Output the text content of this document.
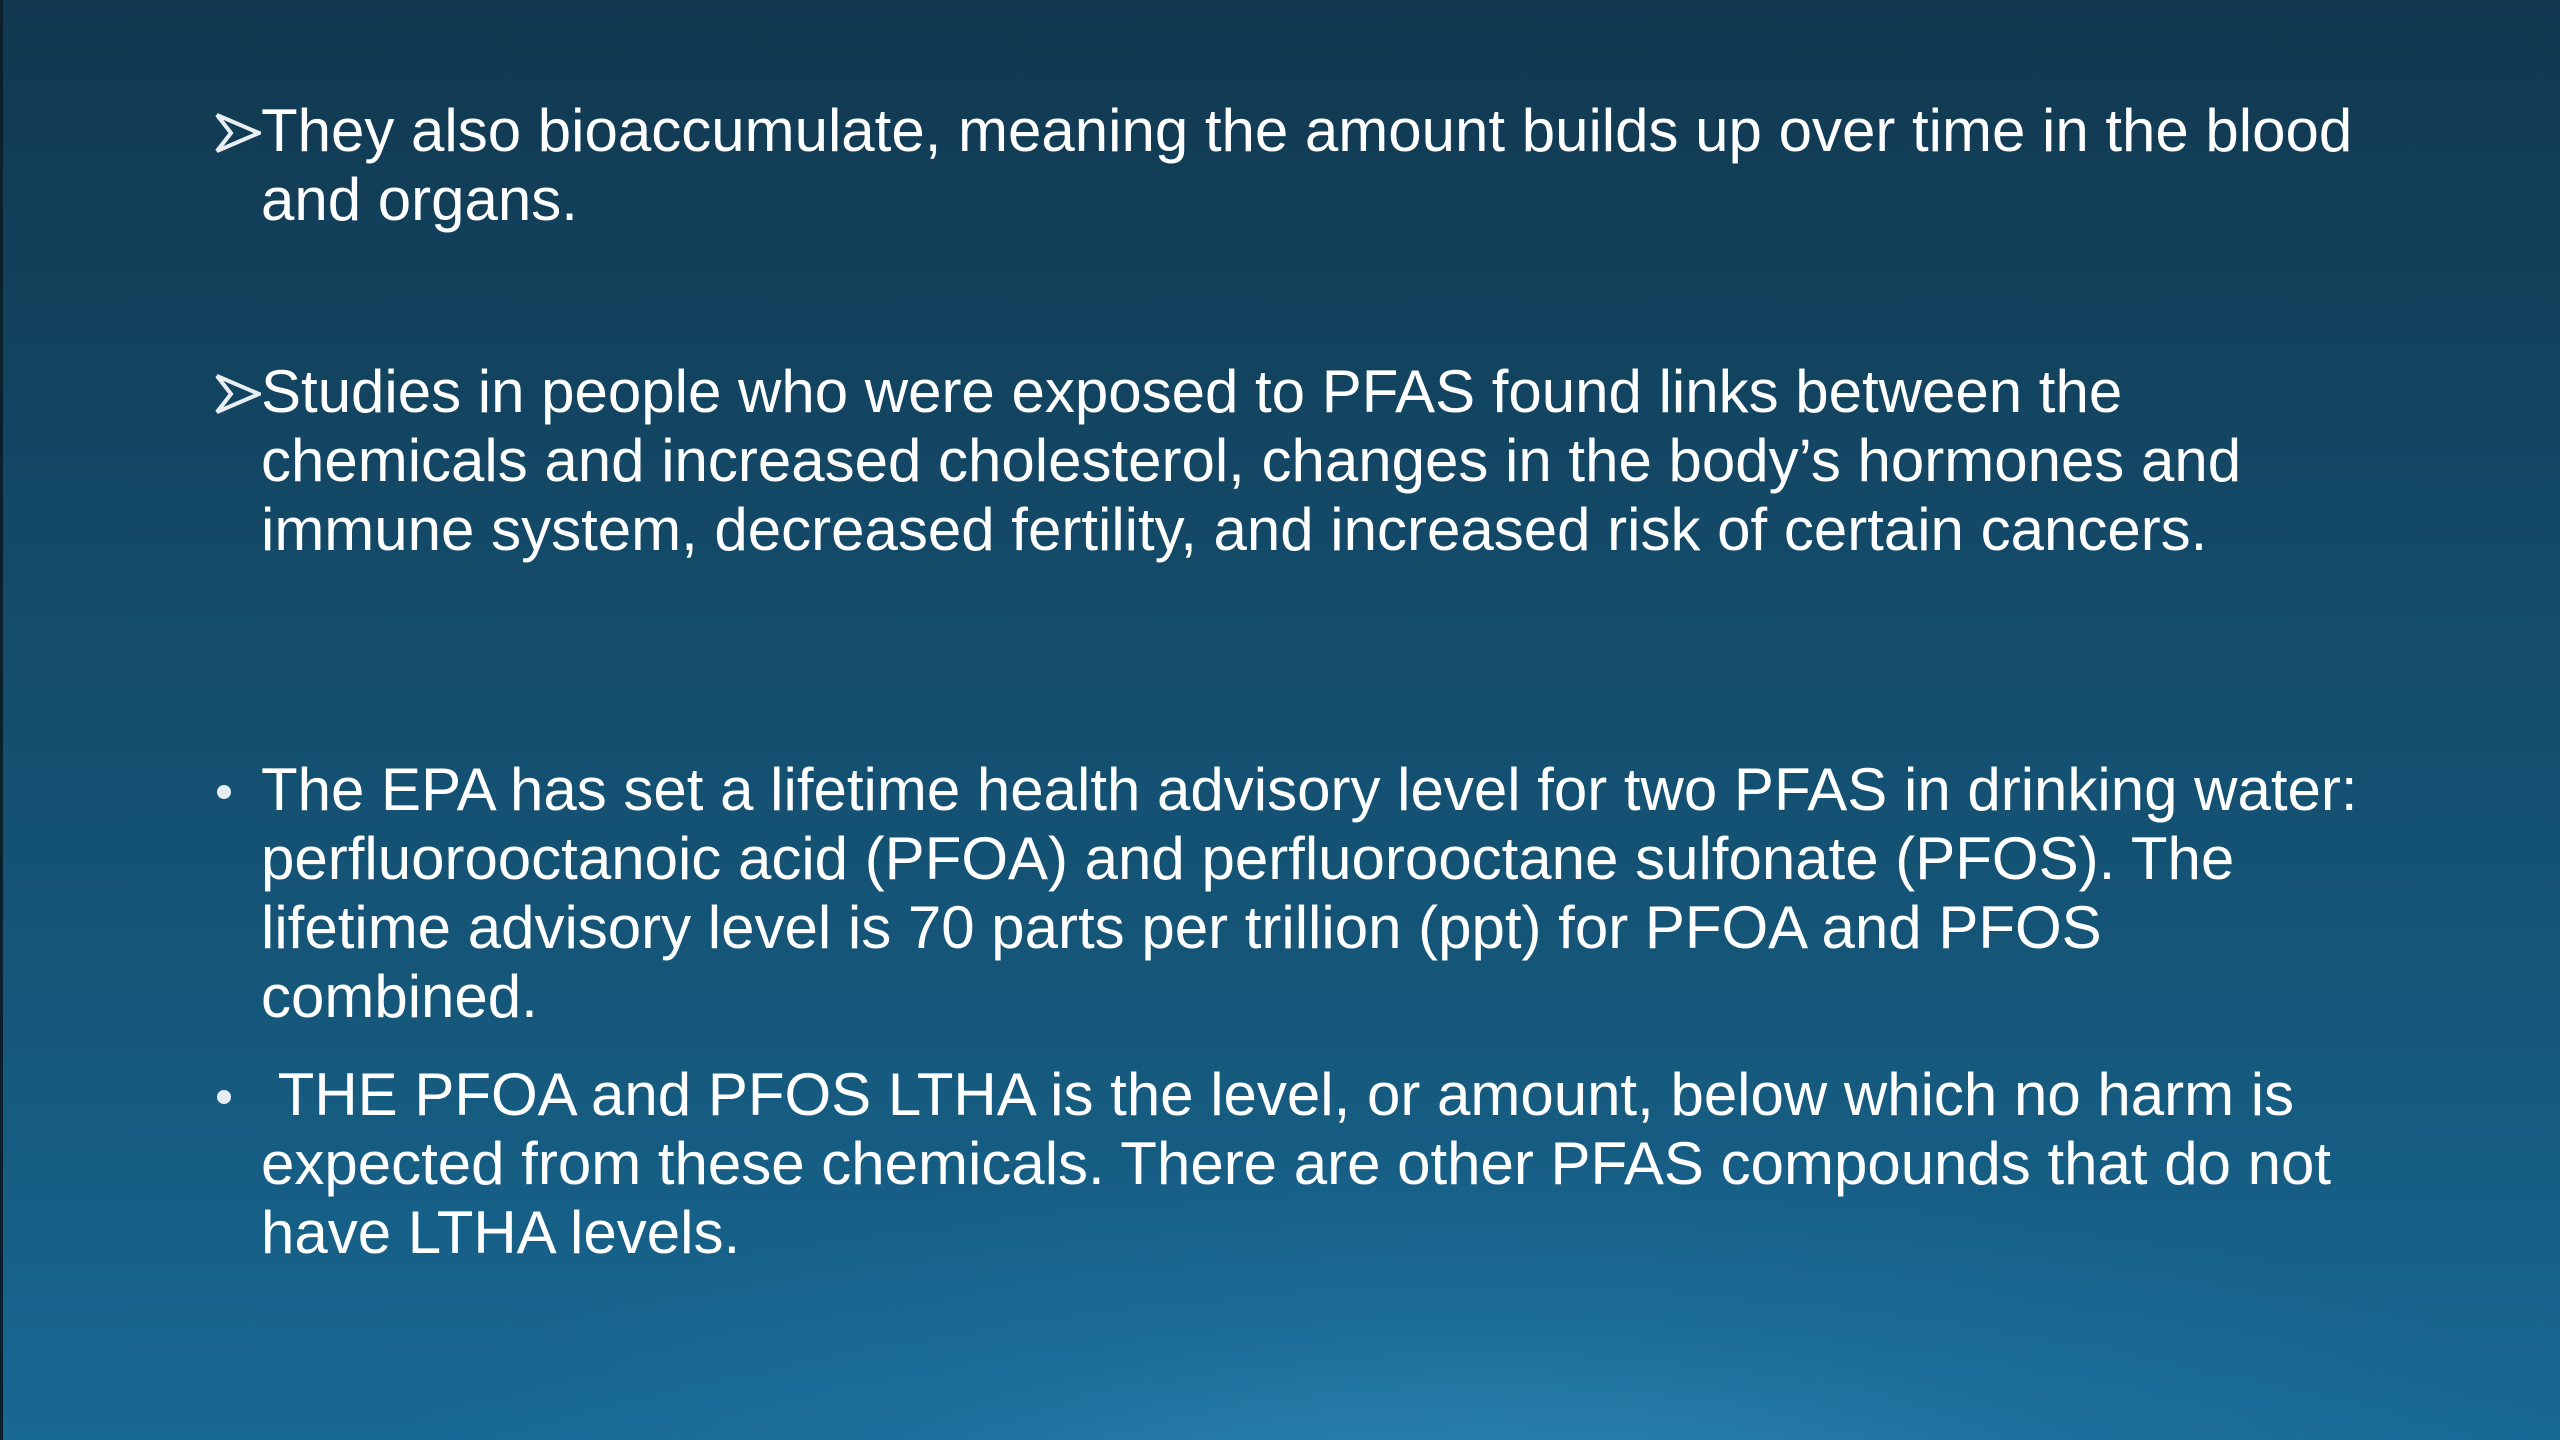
They also bioaccumulate, meaning the amount builds up over time in the blood and organs.
Studies in people who were exposed to PFAS found links between the chemicals and increased cholesterol, changes in the body’s hormones and immune system, decreased fertility, and increased risk of certain cancers.
The EPA has set a lifetime health advisory level for two PFAS in drinking water: perfluorooctanoic acid (PFOA) and perfluorooctane sulfonate (PFOS). The lifetime advisory level is 70 parts per trillion (ppt) for PFOA and PFOS combined.
THE PFOA and PFOS LTHA is the level, or amount, below which no harm is expected from these chemicals. There are other PFAS compounds that do not have LTHA levels.
